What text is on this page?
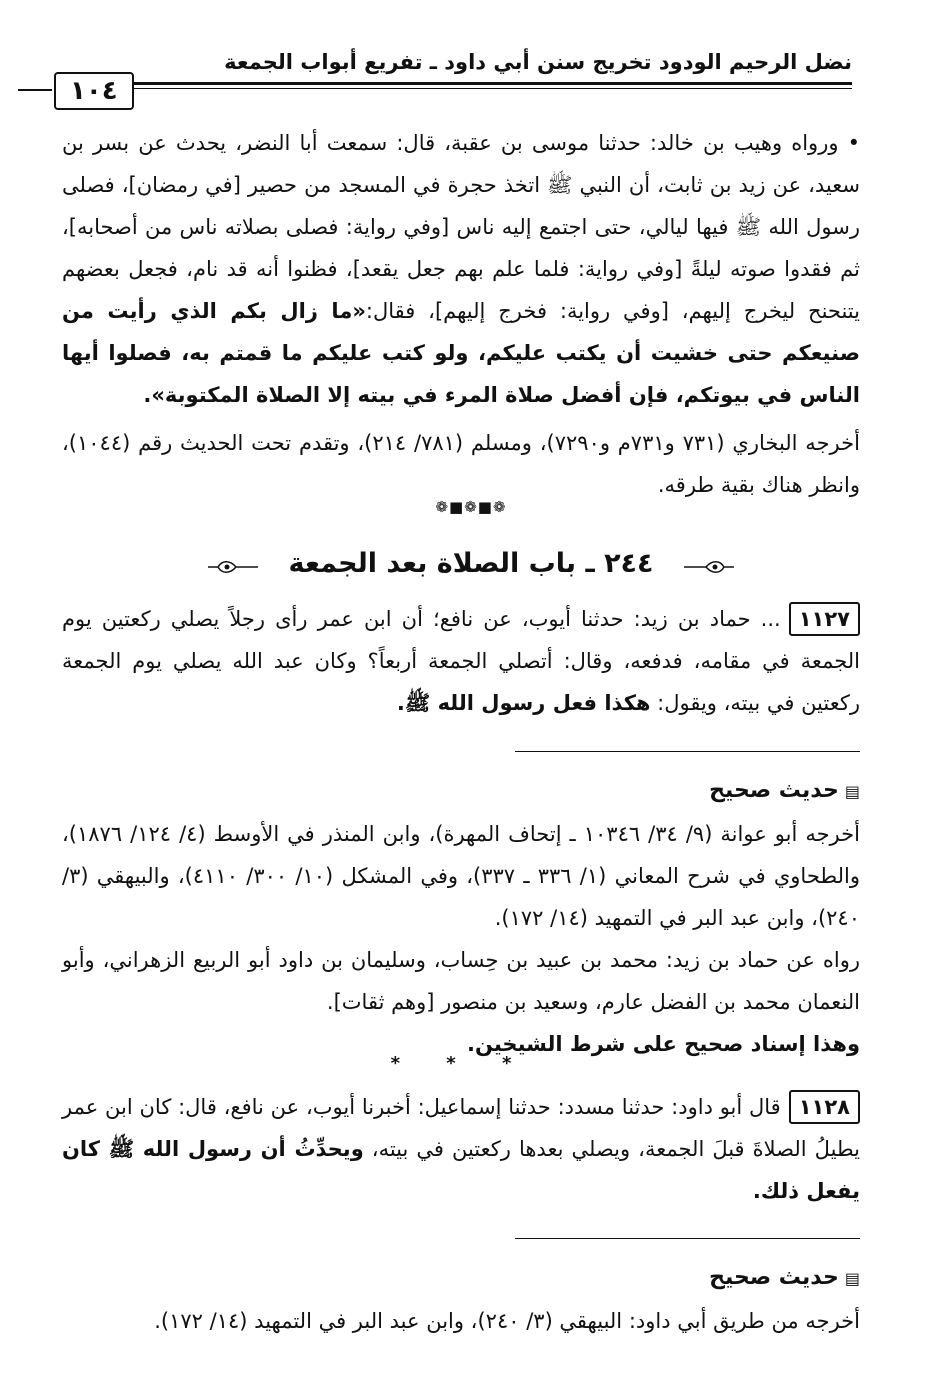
نضل الرحيم الودود تخريج سنن أبي داود ـ تفريع أبواب الجمعة
١٠٤

• ورواه وهيب بن خالد: حدثنا موسى بن عقبة، قال: سمعت أبا النضر، يحدث عن بسر بن سعيد، عن زيد بن ثابت، أن النبي ﷺ اتخذ حجرة في المسجد من حصير [في رمضان]، فصلى رسول الله ﷺ فيها ليالي، حتى اجتمع إليه ناس [وفي رواية: فصلى بصلاته ناس من أصحابه]، ثم فقدوا صوته ليلةً [وفي رواية: فلما علم بهم جعل يقعد]، فظنوا أنه قد نام، فجعل بعضهم يتنحنح ليخرج إليهم، [وفي رواية: فخرج إليهم]، فقال:«ما زال بكم الذي رأيت من صنيعكم حتى خشيت أن يكتب عليكم، ولو كتب عليكم ما قمتم به، فصلوا أيها الناس في بيوتكم، فإن أفضل صلاة المرء في بيته إلا الصلاة المكتوبة».

أخرجه البخاري (٧٣١ و٧٣١م و٧٢٩٠)، ومسلم (٧٨١/ ٢١٤)، وتقدم تحت الحديث رقم (١٠٤٤)، وانظر هناك بقية طرقه.

❁■❁■❁
٢٤٤ ـ باب الصلاة بعد الجمعة

١١٢٧... حماد بن زيد: حدثنا أيوب، عن نافع؛ أن ابن عمر رأى رجلاً يصلي ركعتين يوم الجمعة في مقامه، فدفعه، وقال: أتصلي الجمعة أربعاً؟ وكان عبد الله يصلي يوم الجمعة ركعتين في بيته، ويقول: هكذا فعل رسول الله ﷺ.

▤حديث صحيح

أخرجه أبو عوانة (٩/ ٣٤/ ١٠٣٤٦ ـ إتحاف المهرة)، وابن المنذر في الأوسط (٤/ ١٢٤/ ١٨٧٦)، والطحاوي في شرح المعاني (١/ ٣٣٦ ـ ٣٣٧)، وفي المشكل (١٠/ ٣٠٠/ ٤١١٠)، والبيهقي (٣/ ٢٤٠)، وابن عبد البر في التمهيد (١٤/ ١٧٢).

رواه عن حماد بن زيد: محمد بن عبيد بن حِساب، وسليمان بن داود أبو الربيع الزهراني، وأبو النعمان محمد بن الفضل عارم، وسعيد بن منصور [وهم ثقات].

وهذا إسناد صحيح على شرط الشيخين.

* * *

١١٢٨قال أبو داود: حدثنا مسدد: حدثنا إسماعيل: أخبرنا أيوب، عن نافع، قال: كان ابن عمر يطيلُ الصلاةَ قبلَ الجمعة، ويصلي بعدها ركعتين في بيته، ويحدِّثُ أن رسول الله ﷺ كان يفعل ذلك.

▤حديث صحيح

أخرجه من طريق أبي داود: البيهقي (٣/ ٢٤٠)، وابن عبد البر في التمهيد (١٤/ ١٧٢).
